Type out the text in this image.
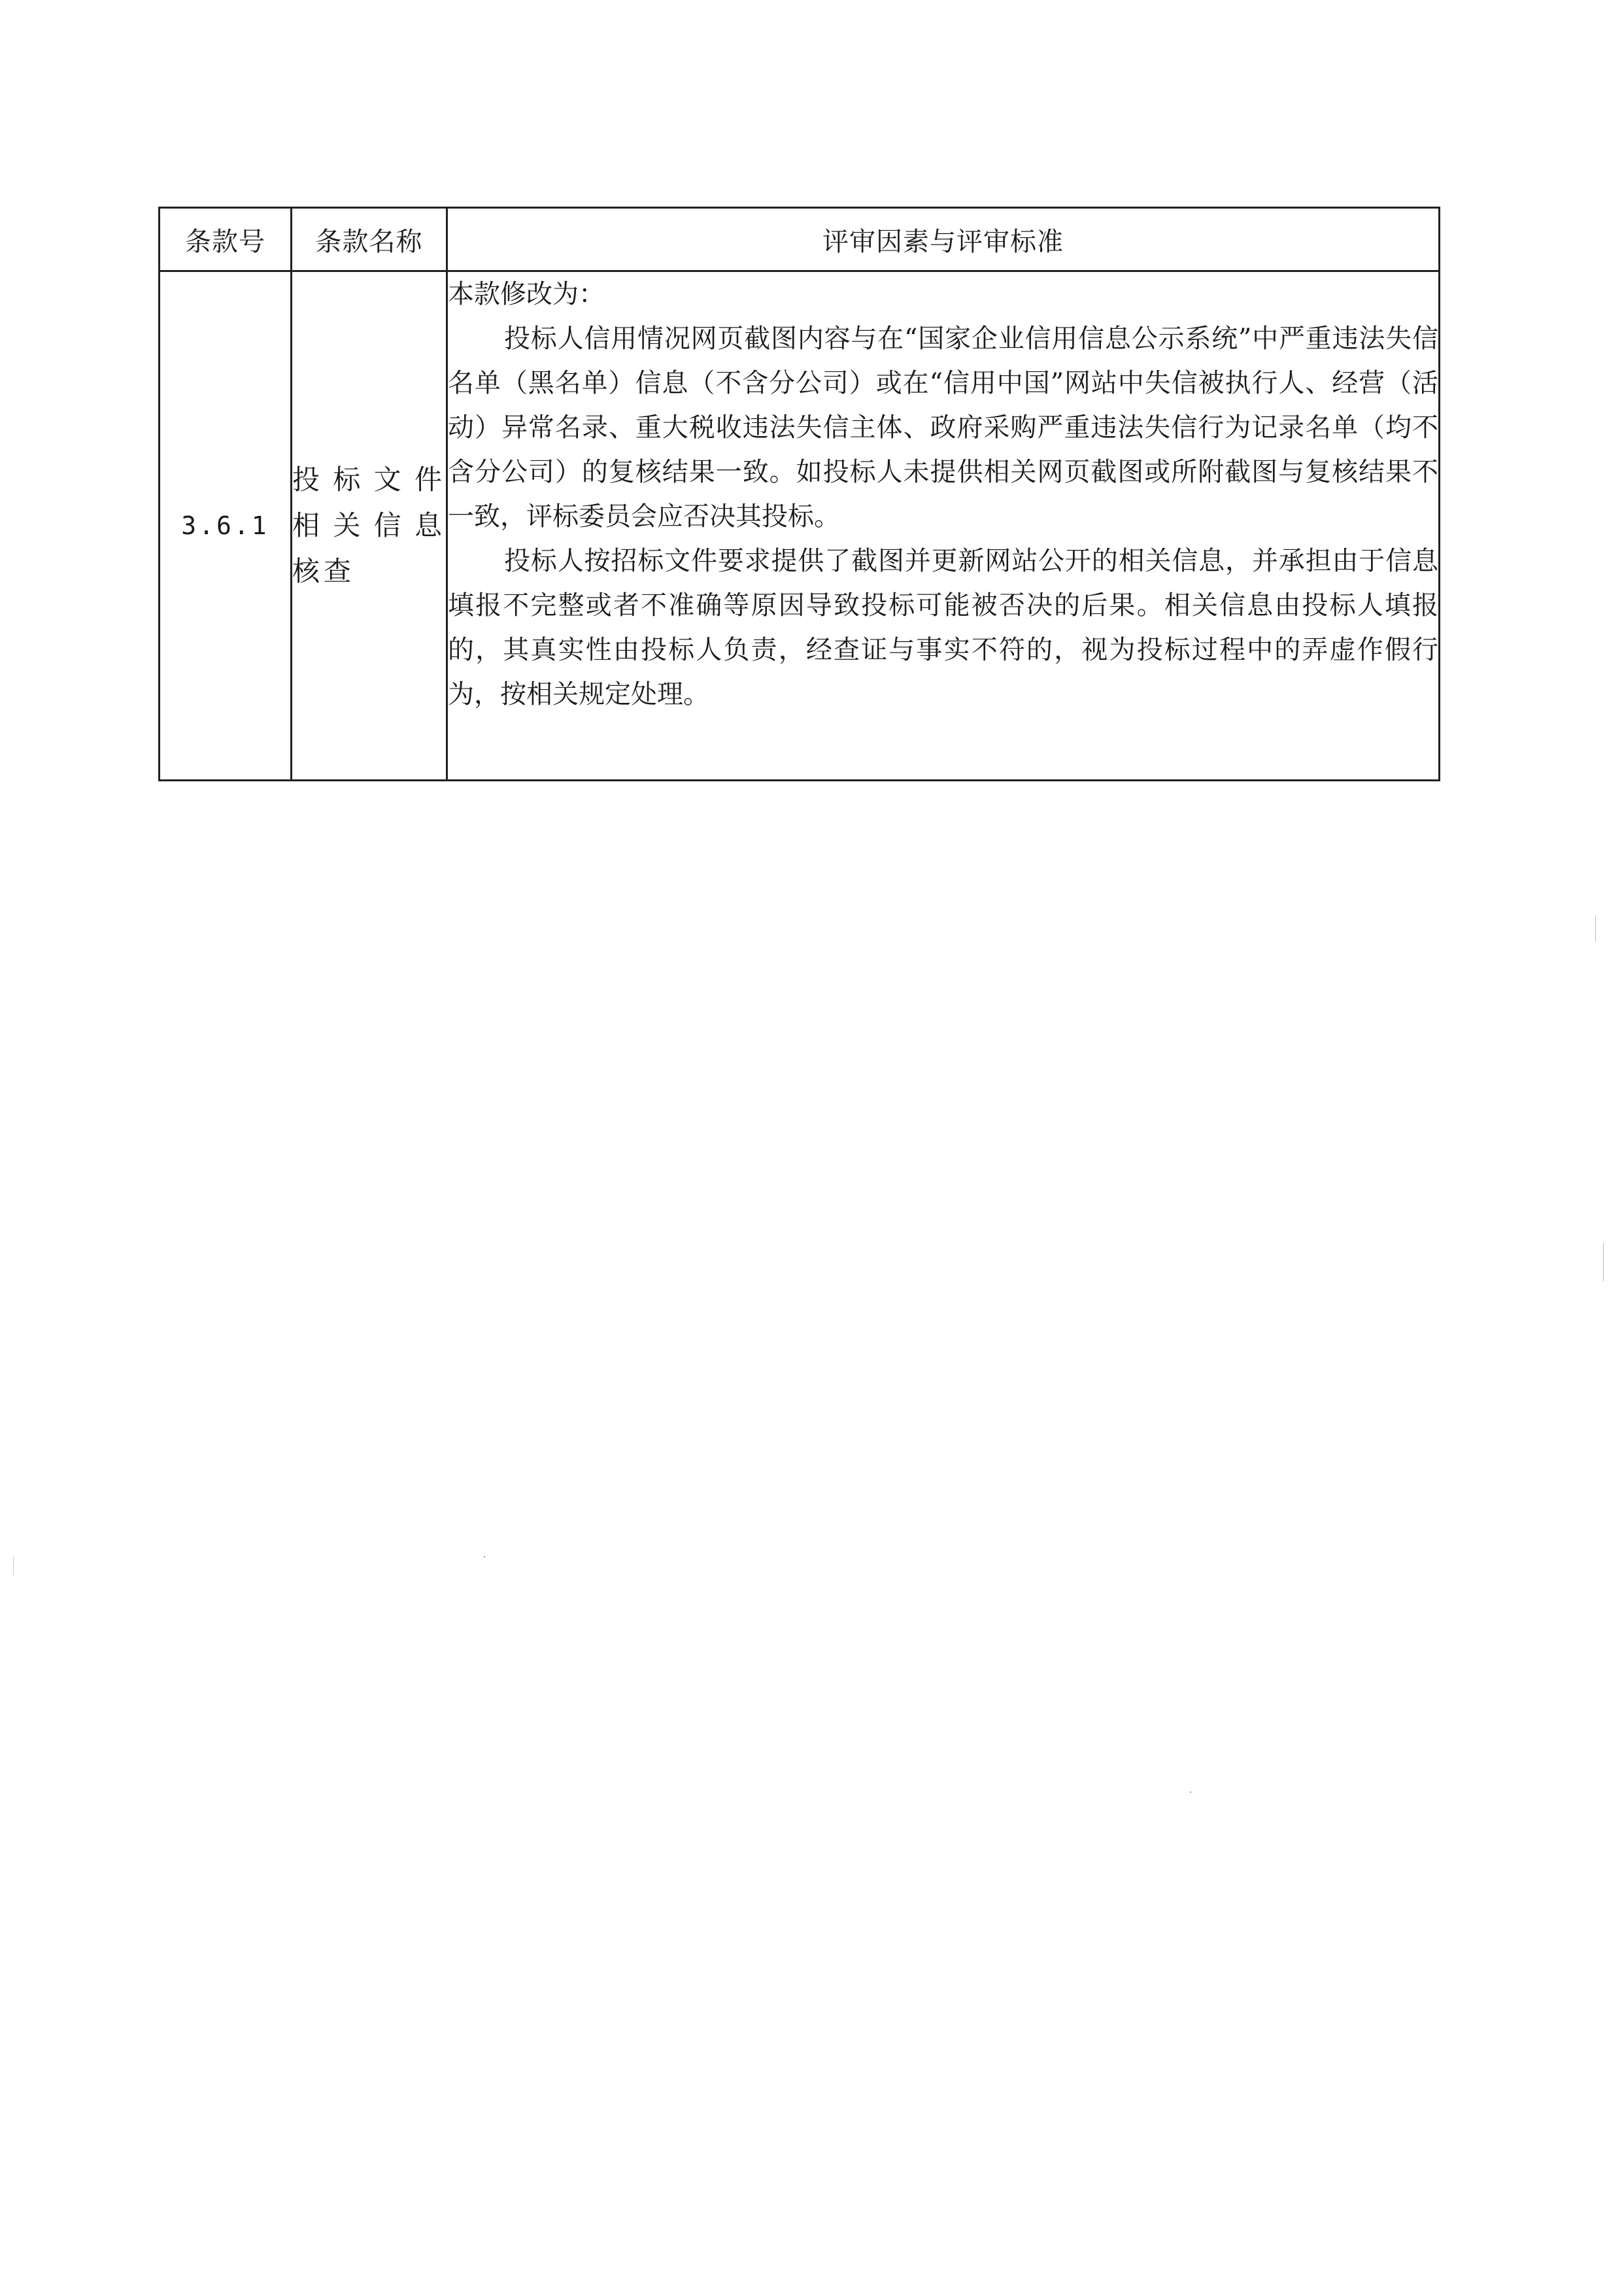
条款号	条款名称	评审因素与评审标准
3.6.1	投标文件相关信息核查	本款修改为：

投标人信用情况网页截图内容与在“国家企业信用信息公示系统”中严重违法失信名单（黑名单）信息（不含分公司）或在“信用中国”网站中失信被执行人、经营（活动）异常名录、重大税收违法失信主体、政府采购严重违法失信行为记录名单（均不含分公司）的复核结果一致。如投标人未提供相关网页截图或所附截图与复核结果不一致，评标委员会应否决其投标。

投标人按招标文件要求提供了截图并更新网站公开的相关信息，并承担由于信息填报不完整或者不准确等原因导致投标可能被否决的后果。相关信息由投标人填报的，其真实性由投标人负责，经查证与事实不符的，视为投标过程中的弄虚作假行为，按相关规定处理。
